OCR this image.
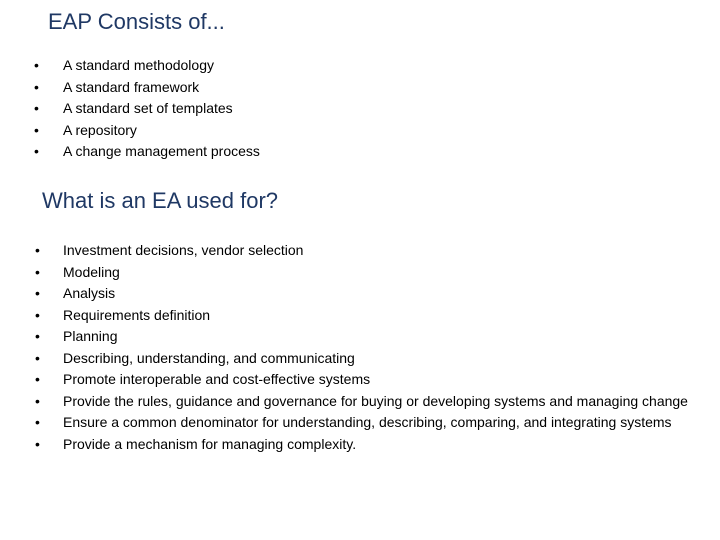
EAP Consists of...
• A standard methodology
• A standard framework
• A standard set of templates
• A repository
• A change management process
What is an EA used for?
• Investment decisions, vendor selection
• Modeling
• Analysis
• Requirements definition
• Planning
• Describing, understanding, and communicating
• Promote interoperable and cost-effective systems
• Provide the rules, guidance and governance for buying or developing systems and managing change
• Ensure a common denominator for understanding, describing, comparing, and integrating systems
• Provide a mechanism for managing complexity.
